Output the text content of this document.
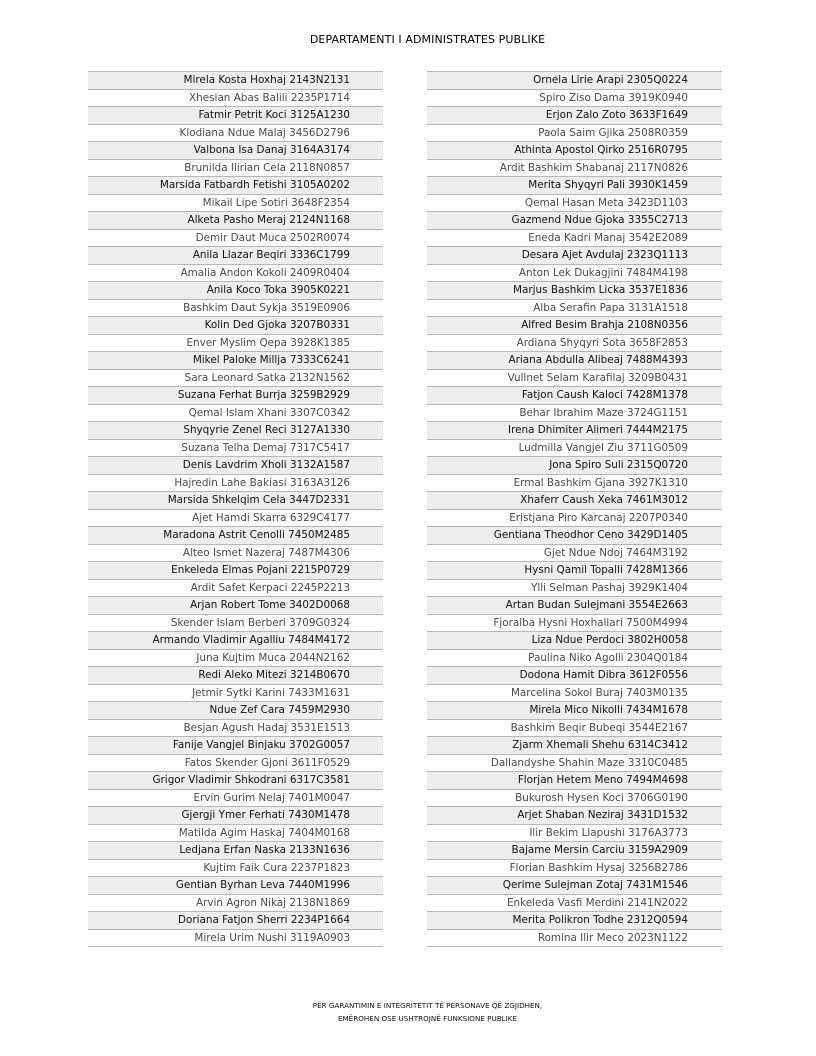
DEPARTAMENTI I ADMINISTRATES PUBLIKE
Mirela Kosta Hoxhaj 2143N2131
Xhesian Abas Balili 2235P1714
Fatmir Petrit Koci 3125A1230
Klodiana Ndue Malaj 3456D2796
Valbona Isa Danaj 3164A3174
Brunilda Ilirian Cela 2118N0857
Marsida Fatbardh Fetishi 3105A0202
Mikail Lipe Sotiri 3648F2354
Alketa Pasho Meraj 2124N1168
Demir Daut Muca 2502R0074
Anila Llazar Beqiri 3336C1799
Amalia Andon Kokoli 2409R0404
Anila Koco Toka 3905K0221
Bashkim Daut Sykja 3519E0906
Kolin Ded Gjoka 3207B0331
Enver Myslim Qepa 3928K1385
Mikel Paloke Millja 7333C6241
Sara Leonard Satka 2132N1562
Suzana Ferhat Burrja 3259B2929
Qemal Islam Xhani 3307C0342
Shyqyrie Zenel Reci 3127A1330
Suzana Telha Demaj 7317C5417
Denis Lavdrim Xholi 3132A1587
Hajredin Lahe Bakiasi 3163A3126
Marsida Shkelqim Cela 3447D2331
Ajet Hamdi Skarra 6329C4177
Maradona Astrit Cenolli 7450M2485
Alteo Ismet Nazeraj 7487M4306
Enkeleda Elmas Pojani 2215P0729
Ardit Safet Kerpaci 2245P2213
Arjan Robert Tome 3402D0068
Skender Islam Berberi 3709G0324
Armando Vladimir Agalliu 7484M4172
Juna Kujtim Muca 2044N2162
Redi Aleko Mitezi 3214B0670
Jetmir Sytki Karini 7433M1631
Ndue Zef Cara 7459M2930
Besjan Agush Hadaj 3531E1513
Fanije Vangjel Binjaku 3702G0057
Fatos Skender Gjoni 3611F0529
Grigor Vladimir Shkodrani 6317C3581
Ervin Gurim Nelaj 7401M0047
Gjergji Ymer Ferhati 7430M1478
Matilda Agim Haskaj 7404M0168
Ledjana Erfan Naska 2133N1636
Kujtim Faik Cura 2237P1823
Gentian Byrhan Leva 7440M1996
Arvin Agron Nikaj 2138N1869
Doriana Fatjon Sherri 2234P1664
Mirela Urim Nushi 3119A0903
Ornela Lirie Arapi 2305Q0224
Spiro Ziso Dama 3919K0940
Erjon Zalo Zoto 3633F1649
Paola Saim Gjika 2508R0359
Athinta Apostol Qirko 2516R0795
Ardit Bashkim Shabanaj 2117N0826
Merita Shyqyri Pali 3930K1459
Qemal Hasan Meta 3423D1103
Gazmend Ndue Gjoka 3355C2713
Eneda Kadri Manaj 3542E2089
Desara Ajet Avdulaj 2323Q1113
Anton Lek Dukagjini 7484M4198
Marjus Bashkim Licka 3537E1836
Alba Serafin Papa 3131A1518
Alfred Besim Brahja 2108N0356
Ardiana Shyqyri Sota 3658F2853
Ariana Abdulla Alibeaj 7488M4393
Vullnet Selam Karafilaj 3209B0431
Fatjon Caush Kaloci 7428M1378
Behar Ibrahim Maze 3724G1151
Irena Dhimiter Alimeri 7444M2175
Ludmilla Vangjel Ziu 3711G0509
Jona Spiro Suli 2315Q0720
Ermal Bashkim Gjana 3927K1310
Xhaferr Caush Xeka 7461M3012
Eristjana Piro Karcanaj 2207P0340
Gentiana Theodhor Ceno 3429D1405
Gjet Ndue Ndoj 7464M3192
Hysni Qamil Topalli 7428M1366
Ylli Selman Pashaj 3929K1404
Artan Budan Sulejmani 3554E2663
Fjoralba Hysni Hoxhallari 7500M4994
Liza Ndue Perdoci 3802H0058
Paulina Niko Agolli 2304Q0184
Dodona Hamit Dibra 3612F0556
Marcelina Sokol Buraj 7403M0135
Mirela Mico Nikolli 7434M1678
Bashkim Beqir Bubeqi 3544E2167
Zjarm Xhemali Shehu 6314C3412
Dallandyshe Shahin Maze 3310C0485
Florjan Hetem Meno 7494M4698
Bukurosh Hysen Koci 3706G0190
Arjet Shaban Neziraj 3431D1532
Ilir Bekim Llapushi 3176A3773
Bajame Mersin Carciu 3159A2909
Florian Bashkim Hysaj 3256B2786
Qerime Sulejman Zotaj 7431M1546
Enkeleda Vasfi Merdini 2141N2022
Merita Polikron Todhe 2312Q0594
Romina Ilir Meco 2023N1122
PËR GARANTIMIN E INTEGRITETIT TË PERSONAVE QË ZGJIDHEN,
EMËROHEN OSE USHTROJNË FUNKSIONE PUBLIKE
